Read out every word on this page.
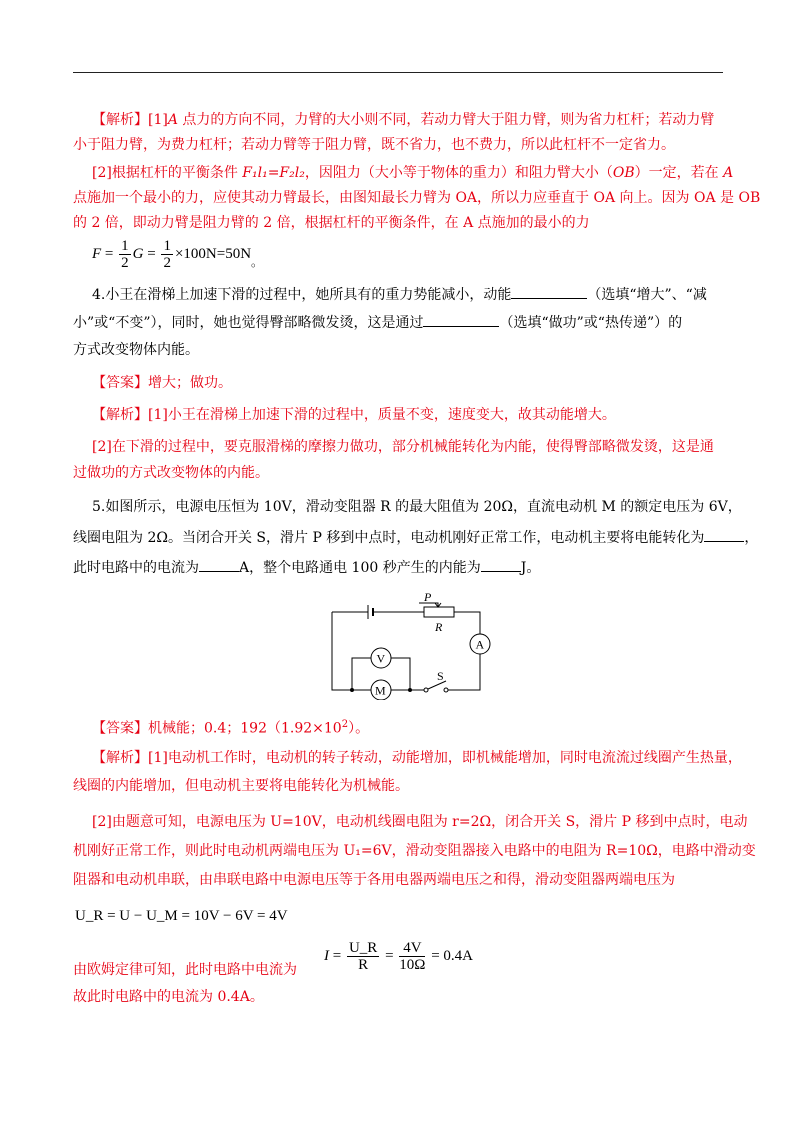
【解析】[1]A 点力的方向不同，力臂的大小则不同，若动力臂大于阻力臂，则为省力杠杆；若动力臂
小于阻力臂，为费力杠杆；若动力臂等于阻力臂，既不省力，也不费力，所以此杠杆不一定省力。
[2]根据杠杆的平衡条件 F₁l₁=F₂l₂，因阻力（大小等于物体的重力）和阻力臂大小（OB）一定，若在 A
点施加一个最小的力，应使其动力臂最长，由图知最长力臂为 OA，所以力应垂直于 OA 向上。因为 OA 是 OB
的 2 倍，即动力臂是阻力臂的 2 倍，根据杠杆的平衡条件，在 A 点施加的最小的力
$F = \frac{1}{2}$ $G = \frac{1}{2} \times 100N=50N_。$
4.小王在滑梯上加速下滑的过程中，她所具有的重力势能减小，动能	（选填“增大”、“减
小”或“不变”），同时，她也觉得臀部略微发烫，这是通过	（选填“做功”或“热传递”）的
方式改变物体内能。
【答案】增大；做功。
【解析】[1]小王在滑梯上加速下滑的过程中，质量不变，速度变大，故其动能增大。
[2]在下滑的过程中，要克服滑梯的摩擦力做功，部分机械能转化为内能，使得臀部略微发烫，这是通
过做功的方式改变物体的内能。
5.如图所示，电源电压恒为 10V，滑动变阻器 R 的最大阻值为 20Ω，直流电动机 M 的额定电压为 6V，
线圈电阻为 2Ω。当闭合开关 S，滑片 P 移到中点时，电动机刚好正常工作，电动机主要将电能转化为	，
此时电路中的电流为	A，整个电路通电 100 秒产生的内能为	J。
P
R
A
V
M
S
【答案】机械能；0.4；$192(1.92\times 10^2)$。
【解析】[1]电动机工作时，电动机的转子转动，动能增加，即机械能增加，同时电流流过线圈产生热量，
线圈的内能增加，但电动机主要将电能转化为机械能。
[2]由题意可知，电源电压为 U=10V，电动机线圈电阻为 r=2Ω，闭合开关 S，滑片 P 移到中点时，电动
机刚好正常工作，则此时电动机两端电压为 U₁=6V，滑动变阻器接入电路中的电阻为 R=10Ω，电路中滑动变
阻器和电动机串联，由串联电路中电源电压等于各用电器两端电压之和得，滑动变阻器两端电压为
U_R = U − U_M = 10V − 6V = 4V
由欧姆定律可知，此时电路中电流为
$I = \frac{U\_R}{R} = \frac{4V}{10\Omega} = 0.4A$
故此时电路中的电流为 0.4A。
